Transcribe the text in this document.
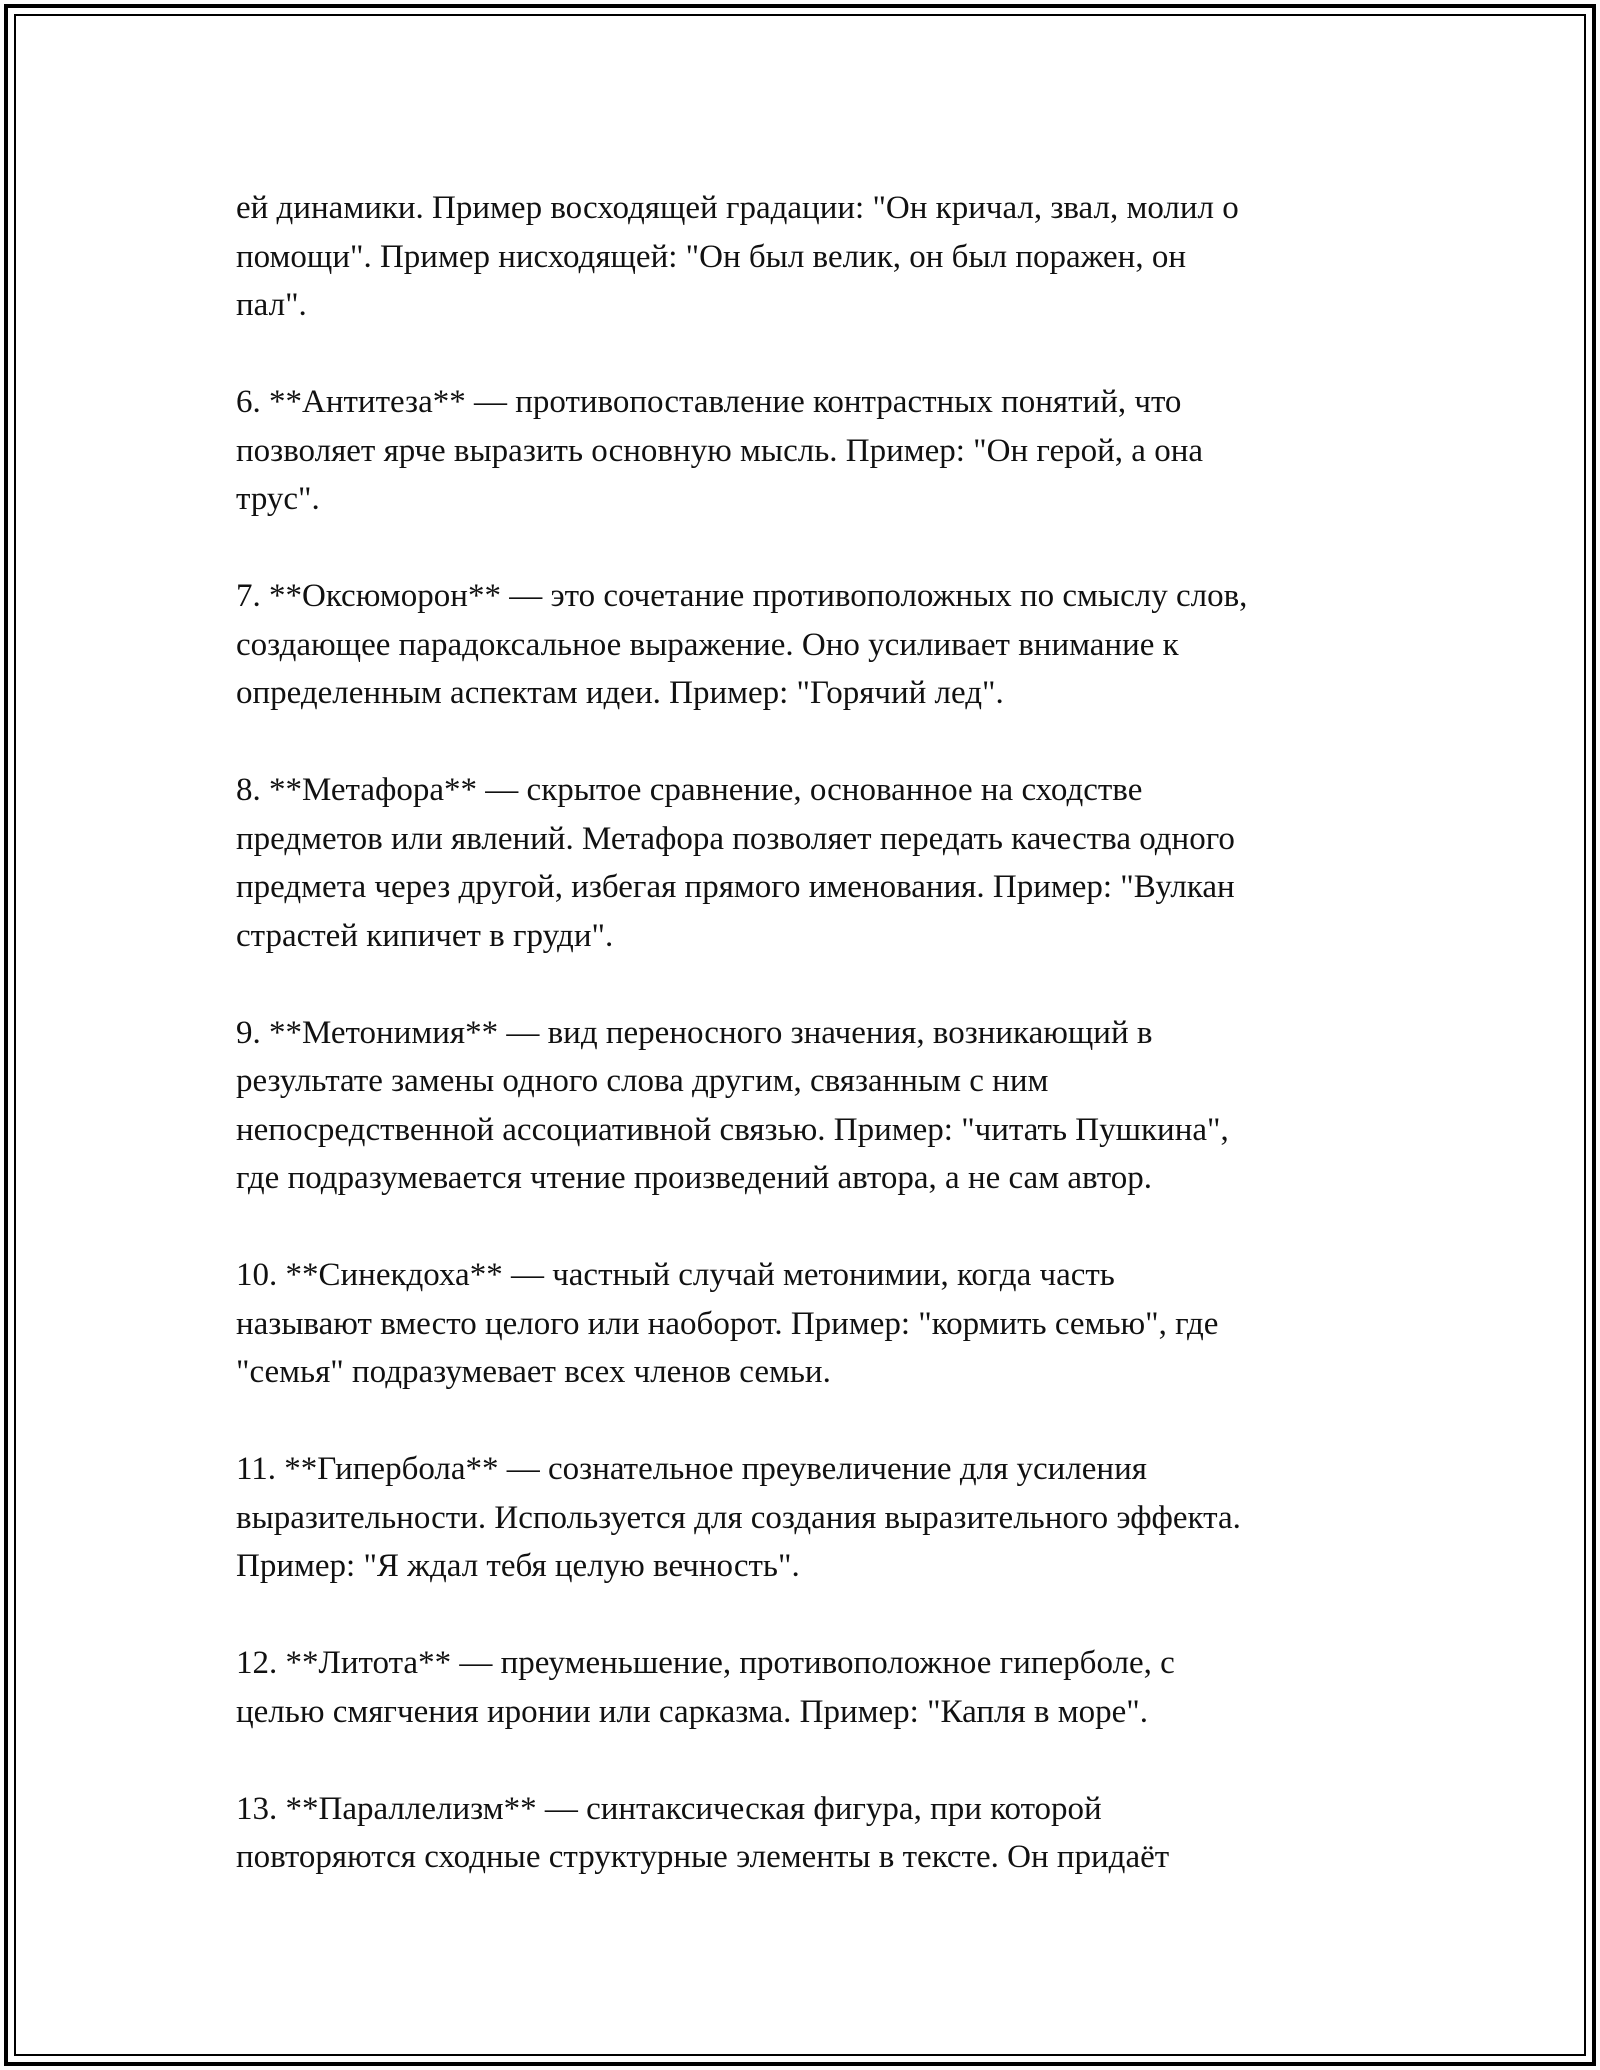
ей динамики. Пример восходящей градации: "Он кричал, звал, молил о
помощи". Пример нисходящей: "Он был велик, он был поражен, он
пал".

6. **Антитеза** — противопоставление контрастных понятий, что
позволяет ярче выразить основную мысль. Пример: "Он герой, а она
трус".

7. **Оксюморон** — это сочетание противоположных по смыслу слов,
создающее парадоксальное выражение. Оно усиливает внимание к
определенным аспектам идеи. Пример: "Горячий лед".

8. **Метафора** — скрытое сравнение, основанное на сходстве
предметов или явлений. Метафора позволяет передать качества одного
предмета через другой, избегая прямого именования. Пример: "Вулкан
страстей кипичет в груди".

9. **Метонимия** — вид переносного значения, возникающий в
результате замены одного слова другим, связанным с ним
непосредственной ассоциативной связью. Пример: "читать Пушкина",
где подразумевается чтение произведений автора, а не сам автор.

10. **Синекдоха** — частный случай метонимии, когда часть
называют вместо целого или наоборот. Пример: "кормить семью", где
"семья" подразумевает всех членов семьи.

11. **Гипербола** — сознательное преувеличение для усиления
выразительности. Используется для создания выразительного эффекта.
Пример: "Я ждал тебя целую вечность".

12. **Литота** — преуменьшение, противоположное гиперболе, с
целью смягчения иронии или сарказма. Пример: "Капля в море".

13. **Параллелизм** — синтаксическая фигура, при которой
повторяются сходные структурные элементы в тексте. Он придаёт
